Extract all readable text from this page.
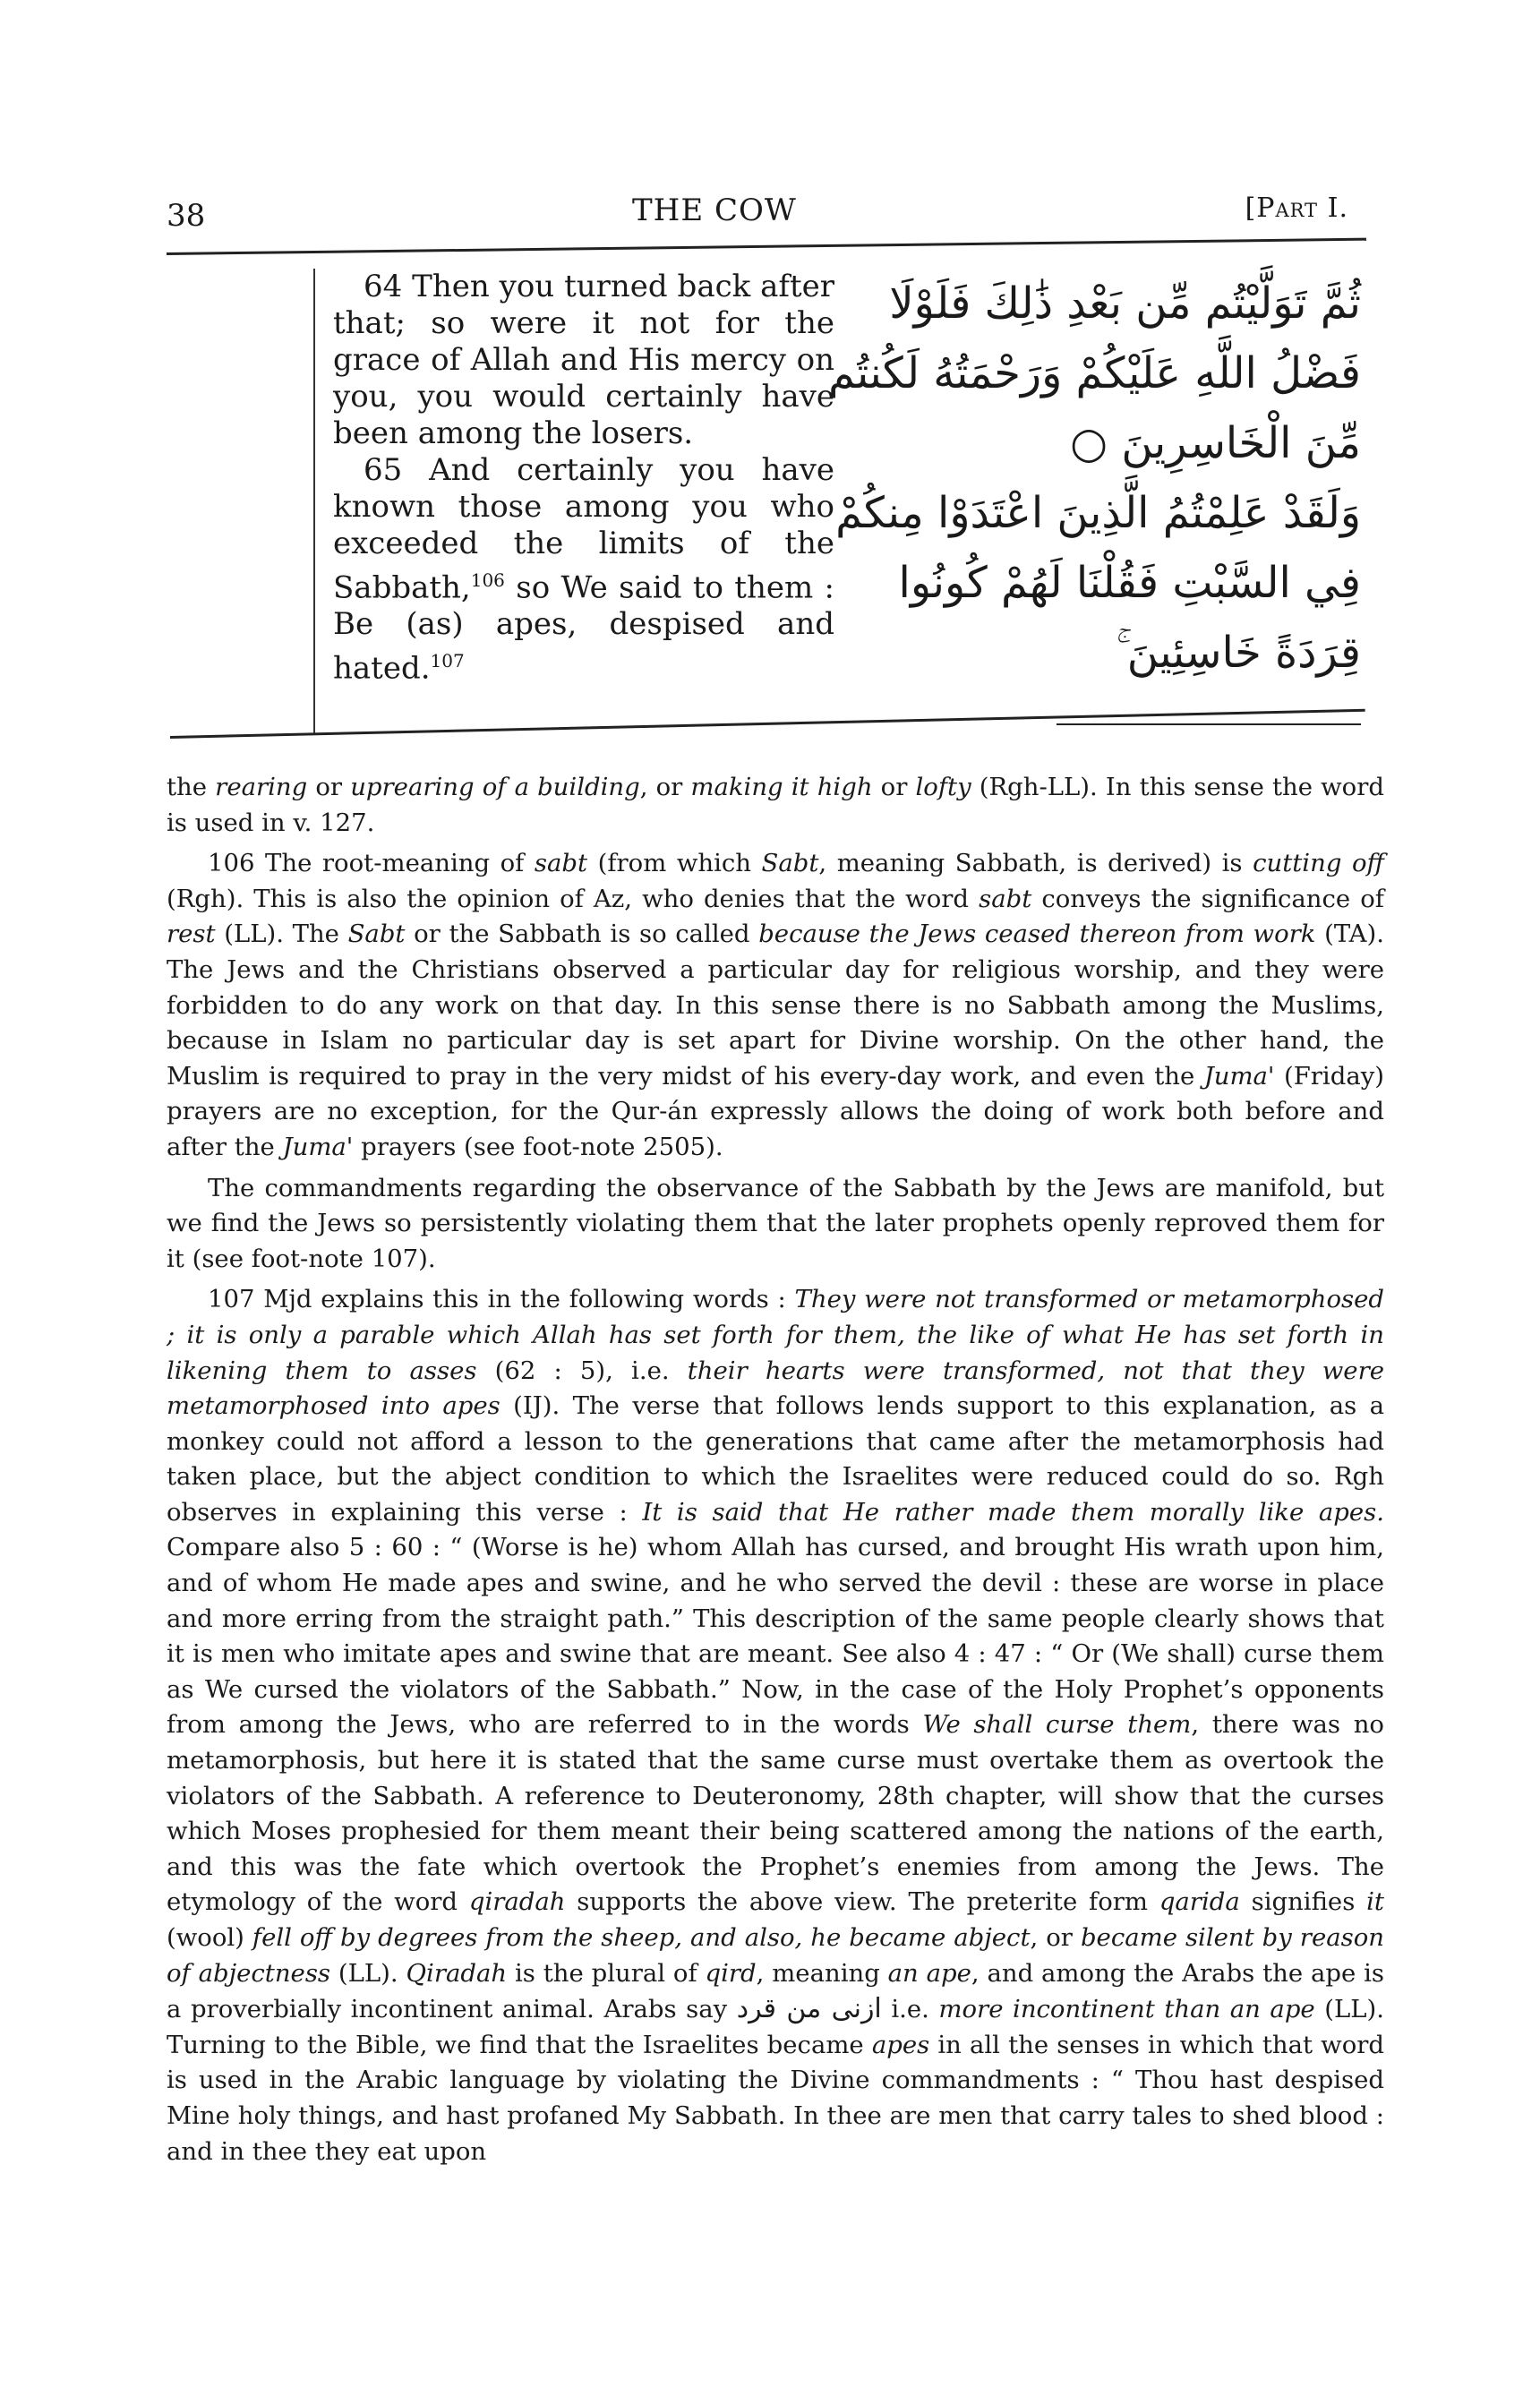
38	THE COW	[Part I.

64 Then you turned back after that; so were it not for the grace of Allah and His mercy on you, you would certainly have been among the losers.

65 And certainly you have known those among you who exceeded the limits of the Sabbath,$^{106}$ so We said to them : Be (as) apes, despised and hated.$^{107}$

ثُمَّ تَوَلَّيْتُم مِّن بَعْدِ ذَٰلِكَ فَلَوْلَا
فَضْلُ اللَّهِ عَلَيْكُمْ وَرَحْمَتُهُ لَكُنتُم
مِّنَ الْخَاسِرِينَ ○
وَلَقَدْ عَلِمْتُمُ الَّذِينَ اعْتَدَوْا مِنكُمْ
فِي السَّبْتِ فَقُلْنَا لَهُمْ كُونُوا
قِرَدَةً خَاسِئِينَ ۚ

the rearing or uprearing of a building, or making it high or lofty (Rgh-LL). In this sense the word is used in v. 127.

106 The root-meaning of sabt (from which Sabt, meaning Sabbath, is derived) is cutting off (Rgh). This is also the opinion of Az, who denies that the word sabt conveys the significance of rest (LL). The Sabt or the Sabbath is so called because the Jews ceased thereon from work (TA). The Jews and the Christians observed a particular day for religious worship, and they were forbidden to do any work on that day. In this sense there is no Sabbath among the Muslims, because in Islam no particular day is set apart for Divine worship. On the other hand, the Muslim is required to pray in the very midst of his every-day work, and even the Juma' (Friday) prayers are no exception, for the Qur-án expressly allows the doing of work both before and after the Juma' prayers (see foot-note 2505).

The commandments regarding the observance of the Sabbath by the Jews are manifold, but we find the Jews so persistently violating them that the later prophets openly reproved them for it (see foot-note 107).

107 Mjd explains this in the following words : They were not transformed or metamorphosed ; it is only a parable which Allah has set forth for them, the like of what He has set forth in likening them to asses (62 : 5), i.e. their hearts were transformed, not that they were metamorphosed into apes (IJ). The verse that follows lends support to this explanation, as a monkey could not afford a lesson to the generations that came after the metamorphosis had taken place, but the abject condition to which the Israelites were reduced could do so. Rgh observes in explaining this verse : It is said that He rather made them morally like apes. Compare also 5 : 60 : “ (Worse is he) whom Allah has cursed, and brought His wrath upon him, and of whom He made apes and swine, and he who served the devil : these are worse in place and more erring from the straight path.” This description of the same people clearly shows that it is men who imitate apes and swine that are meant. See also 4 : 47 : “ Or (We shall) curse them as We cursed the violators of the Sabbath.” Now, in the case of the Holy Prophet’s opponents from among the Jews, who are referred to in the words We shall curse them, there was no metamorphosis, but here it is stated that the same curse must overtake them as overtook the violators of the Sabbath. A reference to Deuteronomy, 28th chapter, will show that the curses which Moses prophesied for them meant their being scattered among the nations of the earth, and this was the fate which overtook the Prophet’s enemies from among the Jews. The etymology of the word qiradah supports the above view. The preterite form qarida signifies it (wool) fell off by degrees from the sheep, and also, he became abject, or became silent by reason of abjectness (LL). Qiradah is the plural of qird, meaning an ape, and among the Arabs the ape is a proverbially incontinent animal. Arabs say ازنى من قرد i.e. more incontinent than an ape (LL). Turning to the Bible, we find that the Israelites became apes in all the senses in which that word is used in the Arabic language by violating the Divine commandments : “ Thou hast despised Mine holy things, and hast profaned My Sabbath. In thee are men that carry tales to shed blood : and in thee they eat upon
